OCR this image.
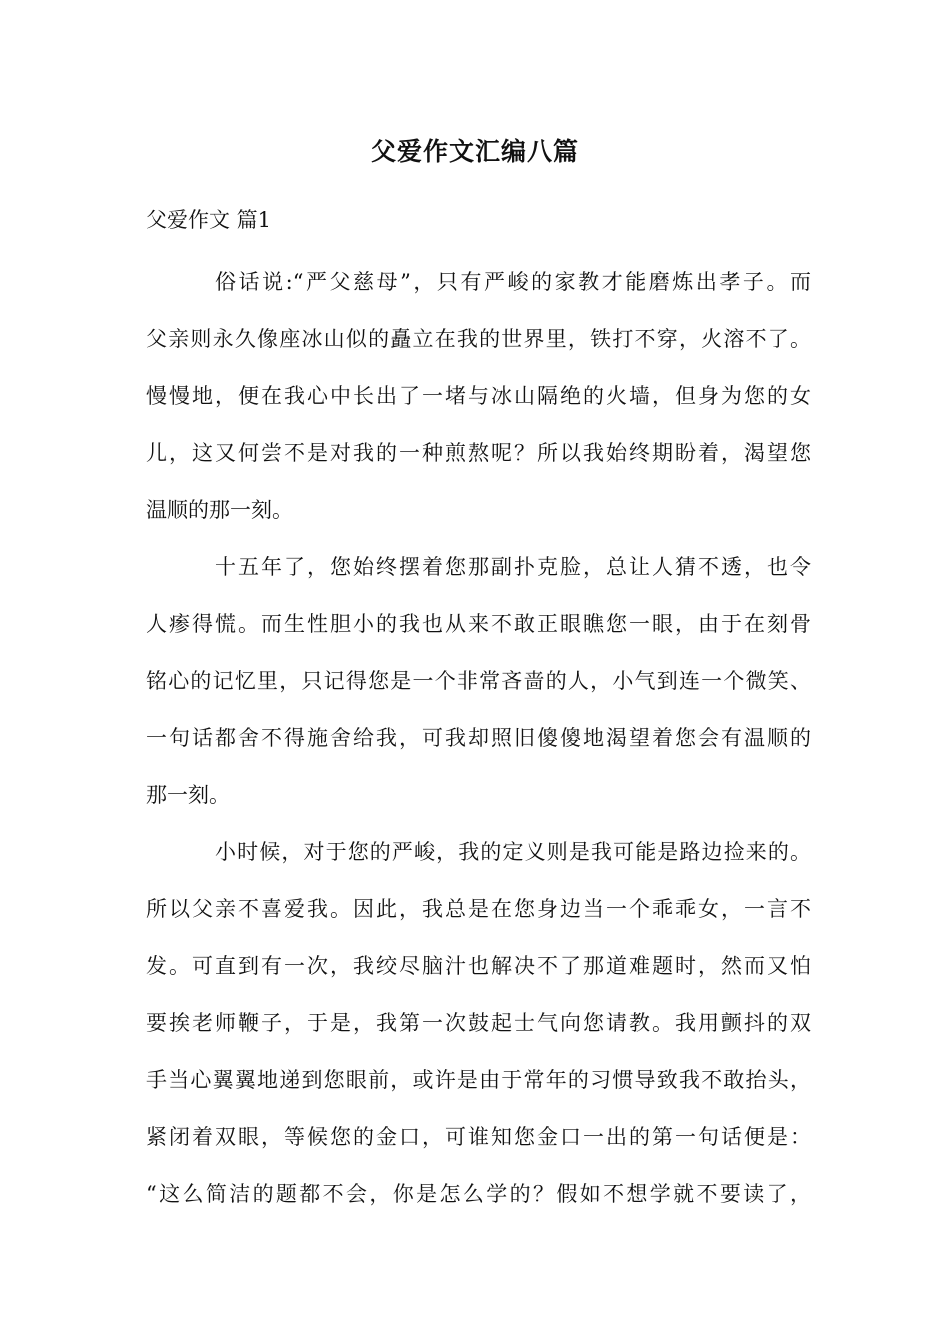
父爱作文汇编八篇
父爱作文 篇1
俗话说:“严父慈母”，只有严峻的家教才能磨炼出孝子。而
父亲则永久像座冰山似的矗立在我的世界里，铁打不穿，火溶不了。
慢慢地，便在我心中长出了一堵与冰山隔绝的火墙，但身为您的女
儿，这又何尝不是对我的一种煎熬呢？所以我始终期盼着，渴望您
温顺的那一刻。
十五年了，您始终摆着您那副扑克脸，总让人猜不透，也令
人瘆得慌。而生性胆小的我也从来不敢正眼瞧您一眼，由于在刻骨
铭心的记忆里，只记得您是一个非常吝啬的人，小气到连一个微笑、
一句话都舍不得施舍给我，可我却照旧傻傻地渴望着您会有温顺的
那一刻。
小时候，对于您的严峻，我的定义则是我可能是路边捡来的。
所以父亲不喜爱我。因此，我总是在您身边当一个乖乖女，一言不
发。可直到有一次，我绞尽脑汁也解决不了那道难题时，然而又怕
要挨老师鞭子，于是，我第一次鼓起士气向您请教。我用颤抖的双
手当心翼翼地递到您眼前，或许是由于常年的习惯导致我不敢抬头，
紧闭着双眼，等候您的金口，可谁知您金口一出的第一句话便是：
“这么简洁的题都不会，你是怎么学的？假如不想学就不要读了，
